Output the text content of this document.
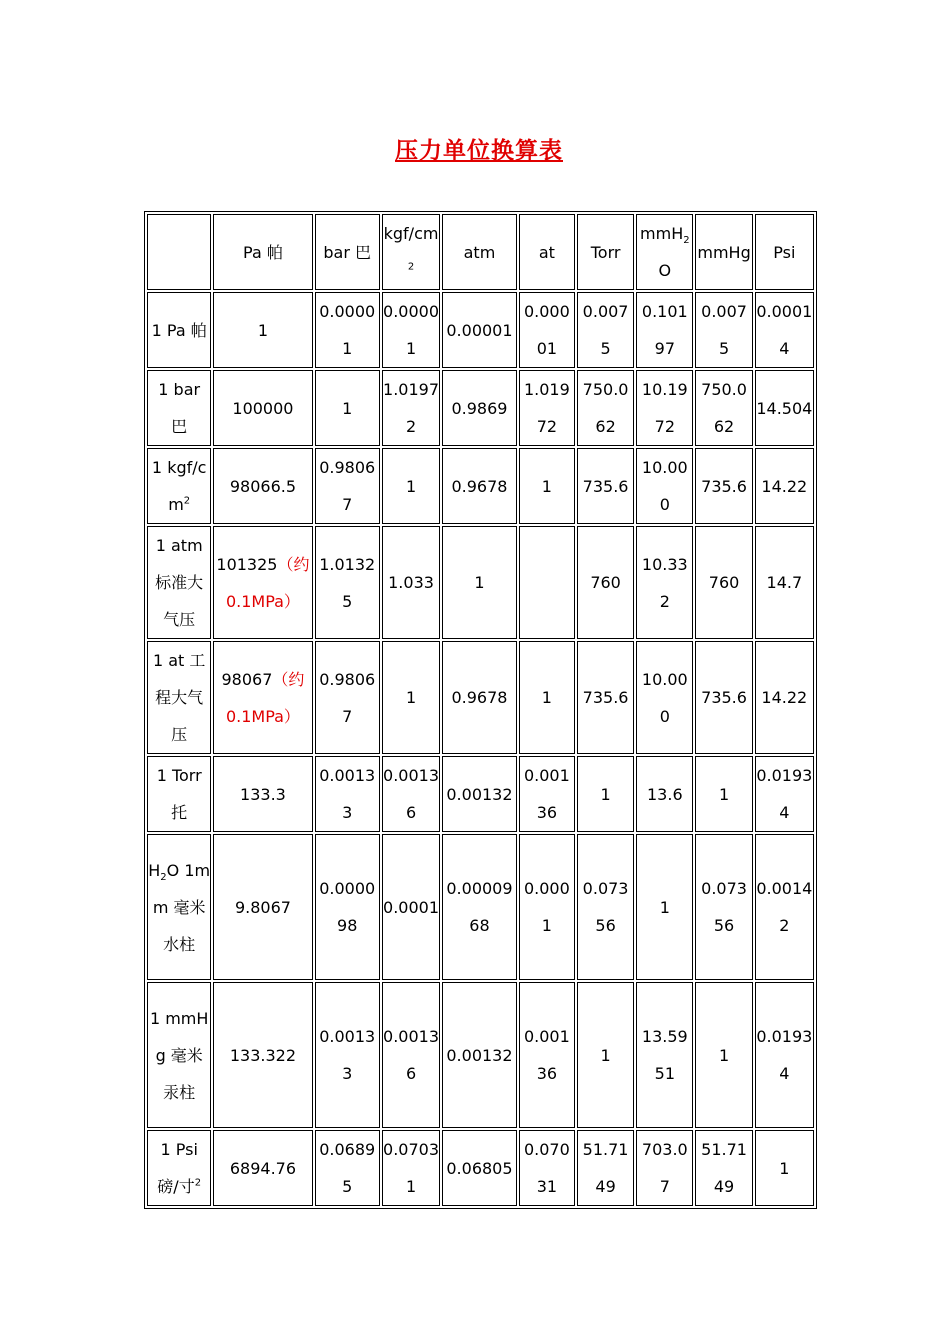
压力单位换算表
	Pa 帕	bar 巴	kgf/$cm^2$	atm	at	Torr	mmH$_2$O	mmHg	Psi
1 Pa 帕	1	0.00001	0.00001	0.00001	0.00001	0.0075	0.10197	0.0075	0.00014
1 bar 巴	100000	1	1.01972	0.9869	1.01972	750.062	10.1972	750.062	14.504
1 kgf/$cm^2$	98066.5	0.98067	1	0.9678	1	735.6	10.000	735.6	14.22
1 atm 标准大气压	101325（约 0.1MPa）	1.01325	1.033	1		760	10.332	760	14.7
1 at 工程大气压	98067（约 0.1MPa）	0.98067	1	0.9678	1	735.6	10.000	735.6	14.22
1 Torr 托	133.3	0.00133	0.00136	0.00132	0.00136	1	13.6	1	0.01934
$H_2O$ 1mm 毫米水柱	9.8067	0.000098	0.0001	0.0000968	0.0001	0.07356	1	0.07356	0.00142
1 mmHg 毫米汞柱	133.322	0.00133	0.00136	0.00132	0.00136	1	13.5951	1	0.01934
1 Psi 磅/寸$^2$	6894.76	0.06895	0.07031	0.06805	0.07031	51.7149	703.07	51.7149	1
